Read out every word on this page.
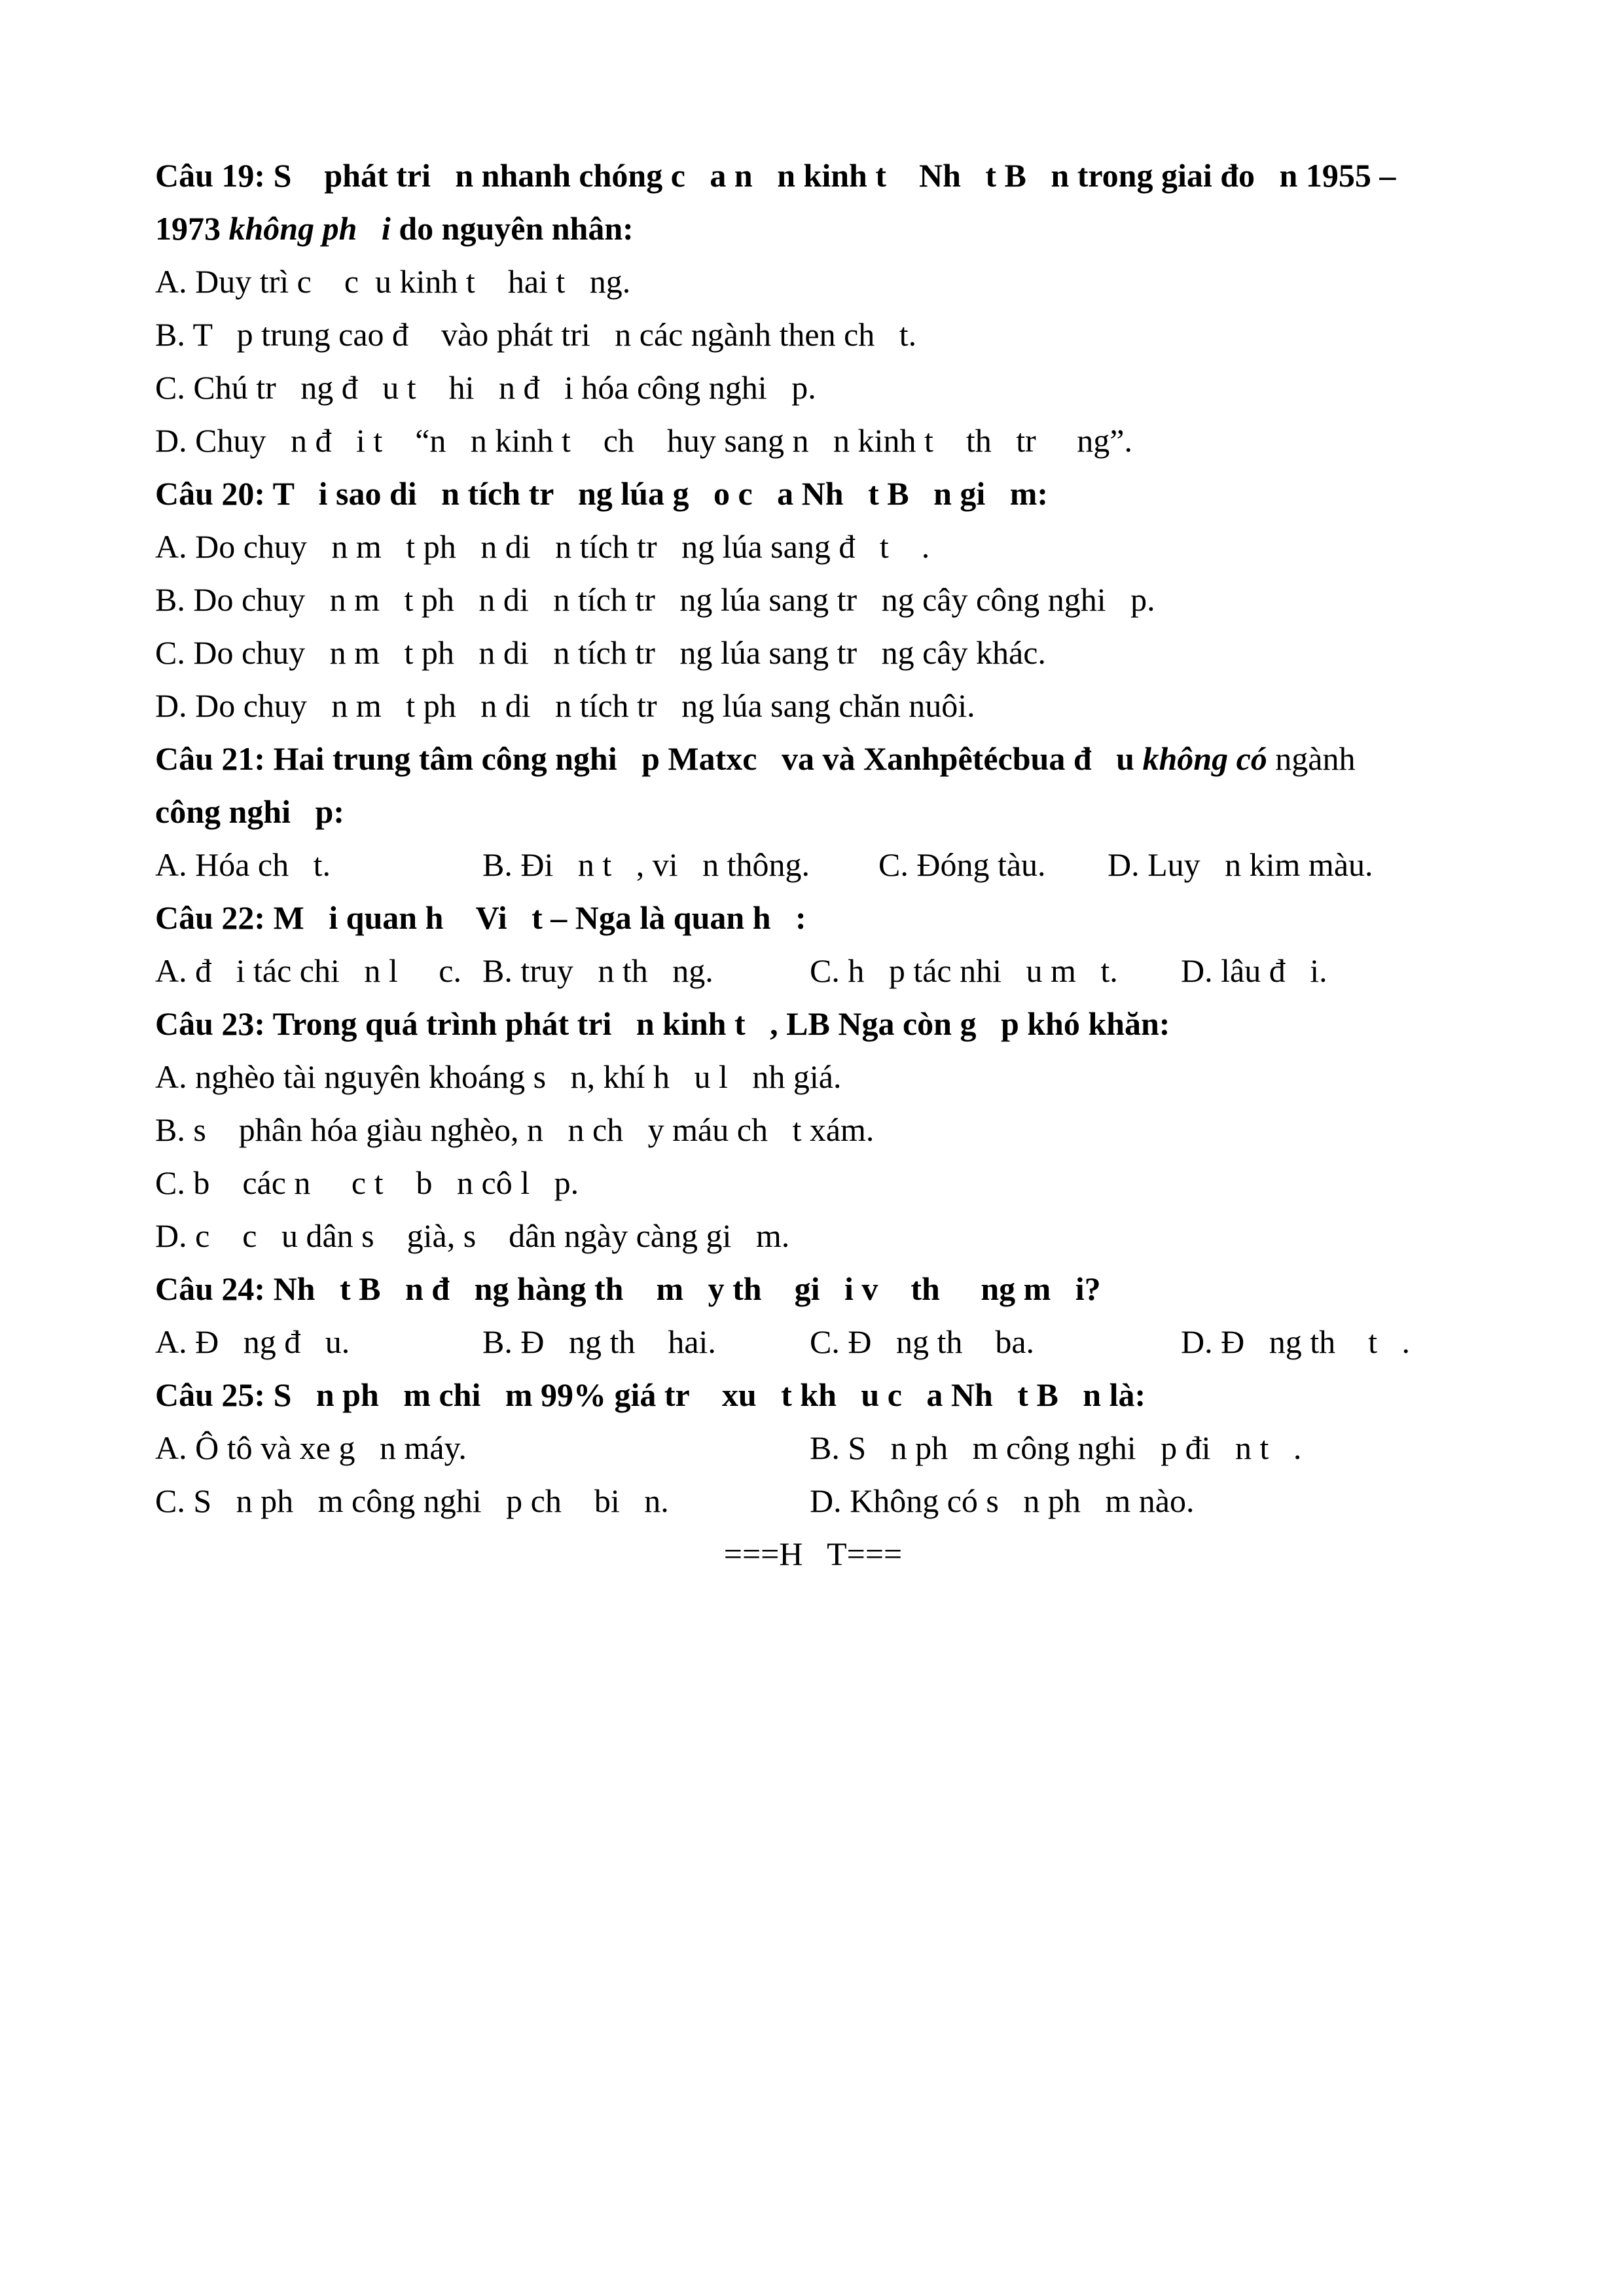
Câu 19: S    phát tri   n nhanh chóng c   a n   n kinh t    Nh   t B   n trong giai đo   n 1955 –
1973 không ph   i do nguyên nhân:
A. Duy trì c    c  u kinh t    hai t   ng.
B. T   p trung cao đ    vào phát tri   n các ngành then ch   t.
C. Chú tr   ng đ   u t    hi   n đ   i hóa công nghi   p.
D. Chuy   n đ   i t    “n   n kinh t    ch    huy sang n   n kinh t    th   tr     ng”.
Câu 20: T   i sao di   n tích tr   ng lúa g   o c   a Nh   t B   n gi   m:
A. Do chuy   n m   t ph   n di   n tích tr   ng lúa sang đ   t    .
B. Do chuy   n m   t ph   n di   n tích tr   ng lúa sang tr   ng cây công nghi   p.
C. Do chuy   n m   t ph   n di   n tích tr   ng lúa sang tr   ng cây khác.
D. Do chuy   n m   t ph   n di   n tích tr   ng lúa sang chăn nuôi.
Câu 21: Hai trung tâm công nghi   p Matxc   va và Xanhpêtécbua đ   u không có ngành
công nghi   p:
A. Hóa ch   t.	B. Đi   n t   , vi   n thông.	C. Đóng tàu.	D. Luy   n kim màu.
Câu 22: M   i quan h    Vi   t – Nga là quan h   :
A. đ   i tác chi   n l     c. B. truy   n th   ng.	C. h   p tác nhi   u m   t.	D. lâu đ   i.
Câu 23: Trong quá trình phát tri   n kinh t   , LB Nga còn g   p khó khăn:
A. nghèo tài nguyên khoáng s   n, khí h   u l   nh giá.
B. s    phân hóa giàu nghèo, n   n ch   y máu ch   t xám.
C. b    các n     c t    b   n cô l   p.
D. c    c   u dân s    già, s    dân ngày càng gi   m.
Câu 24: Nh   t B   n đ   ng hàng th    m   y th    gi   i v    th     ng m   i?
A. Đ   ng đ   u.	B. Đ   ng th    hai.	C. Đ   ng th    ba.	D. Đ   ng th    t   .
Câu 25: S   n ph   m chi   m 99% giá tr    xu   t kh   u c   a Nh   t B   n là:
A. Ô tô và xe g   n máy.	B. S   n ph   m công nghi   p đi   n t   .
C. S   n ph   m công nghi   p ch    bi   n.	D. Không có s   n ph   m nào.
===H   T===
